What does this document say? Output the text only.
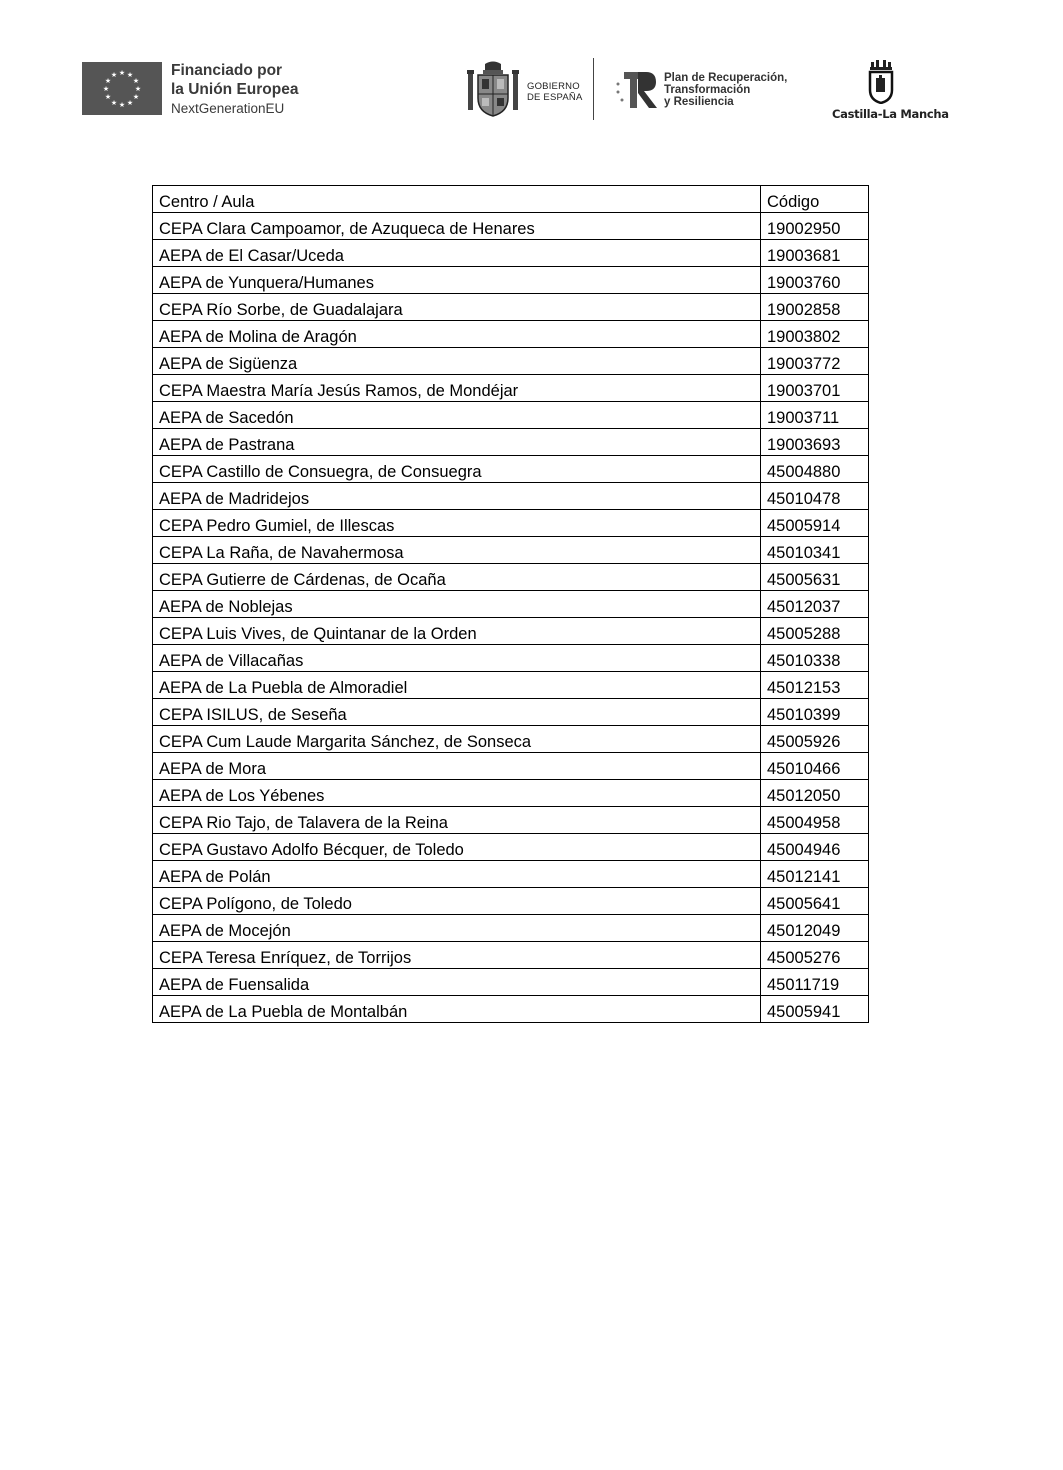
★ ★
★
★
★
★
★
★
★
★
★
★	Financiado por
la Unión Europea
NextGenerationEU
GOBIERNO
DE ESPAÑA
Plan de Recuperación,
Transformación
y Resiliencia
Castilla-La Mancha
Centro / Aula	Código
CEPA Clara Campoamor, de Azuqueca de Henares	19002950
AEPA de El Casar/Uceda	19003681
AEPA de Yunquera/Humanes	19003760
CEPA Río Sorbe, de Guadalajara	19002858
AEPA de Molina de Aragón	19003802
AEPA de Sigüenza	19003772
CEPA Maestra María Jesús Ramos, de Mondéjar	19003701
AEPA de Sacedón	19003711
AEPA de Pastrana	19003693
CEPA Castillo de Consuegra, de Consuegra	45004880
AEPA de Madridejos	45010478
CEPA Pedro Gumiel, de Illescas	45005914
CEPA La Raña, de Navahermosa	45010341
CEPA Gutierre de Cárdenas, de Ocaña	45005631
AEPA de Noblejas	45012037
CEPA Luis Vives, de Quintanar de la Orden	45005288
AEPA de Villacañas	45010338
AEPA de La Puebla de Almoradiel	45012153
CEPA ISILUS, de Seseña	45010399
CEPA Cum Laude Margarita Sánchez, de Sonseca	45005926
AEPA de Mora	45010466
AEPA de Los Yébenes	45012050
CEPA Rio Tajo, de Talavera de la Reina	45004958
CEPA Gustavo Adolfo Bécquer, de Toledo	45004946
AEPA de Polán	45012141
CEPA Polígono, de Toledo	45005641
AEPA de Mocejón	45012049
CEPA Teresa Enríquez, de Torrijos	45005276
AEPA de Fuensalida	45011719
AEPA de La Puebla de Montalbán	45005941
